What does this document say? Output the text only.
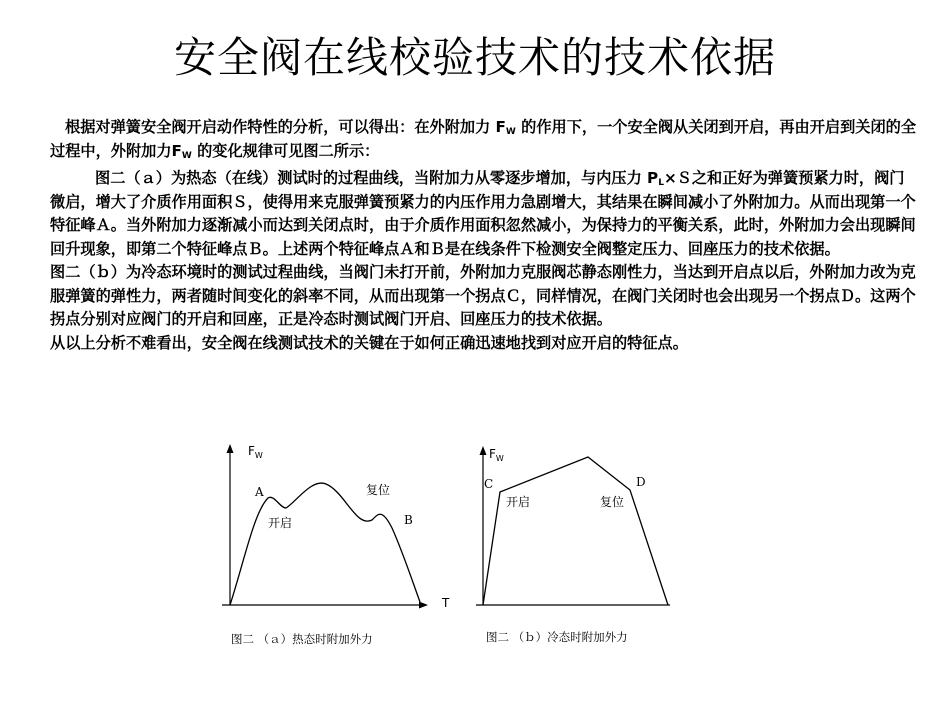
安全阀在线校验技术的技术依据

根据对弹簧安全阀开启动作特性的分析，可以得出：在外附加力 $F_W$ 的作用下，一个安全阀从关闭到开启，再由开启到关闭的全过程中，外附加力$F_W$ 的变化规律可见图二所示：

图二（ａ）为热态（在线）测试时的过程曲线，当附加力从零逐步增加，与内压力 $P_L\times S$之和正好为弹簧预紧力时，阀门微启，增大了介质作用面积Ｓ，使得用来克服弹簧预紧力的内压作用力急剧增大，其结果在瞬间减小了外附加力。从而出现第一个特征峰Ａ。当外附加力逐渐减小而达到关闭点时，由于介质作用面积忽然减小，为保持力的平衡关系，此时，外附加力会出现瞬间回升现象，即第二个特征峰点Ｂ。上述两个特征峰点Ａ和Ｂ是在线条件下检测安全阀整定压力、回座压力的技术依据。

图二（ｂ）为冷态环境时的测试过程曲线，当阀门未打开前，外附加力克服阀芯静态刚性力，当达到开启点以后，外附加力改为克服弹簧的弹性力，两者随时间变化的斜率不同，从而出现第一个拐点Ｃ，同样情况，在阀门关闭时也会出现另一个拐点Ｄ。这两个拐点分别对应阀门的开启和回座，正是冷态时测试阀门开启、回座压力的技术依据。

从以上分析不难看出，安全阀在线测试技术的关键在于如何正确迅速地找到对应开启的特征点。

$F_W$
A	复位
开启	B
T
图二 （ａ）热态时附加外力
$F_W$
C	D
开启	复位
图二 （ｂ）冷态时附加外力
